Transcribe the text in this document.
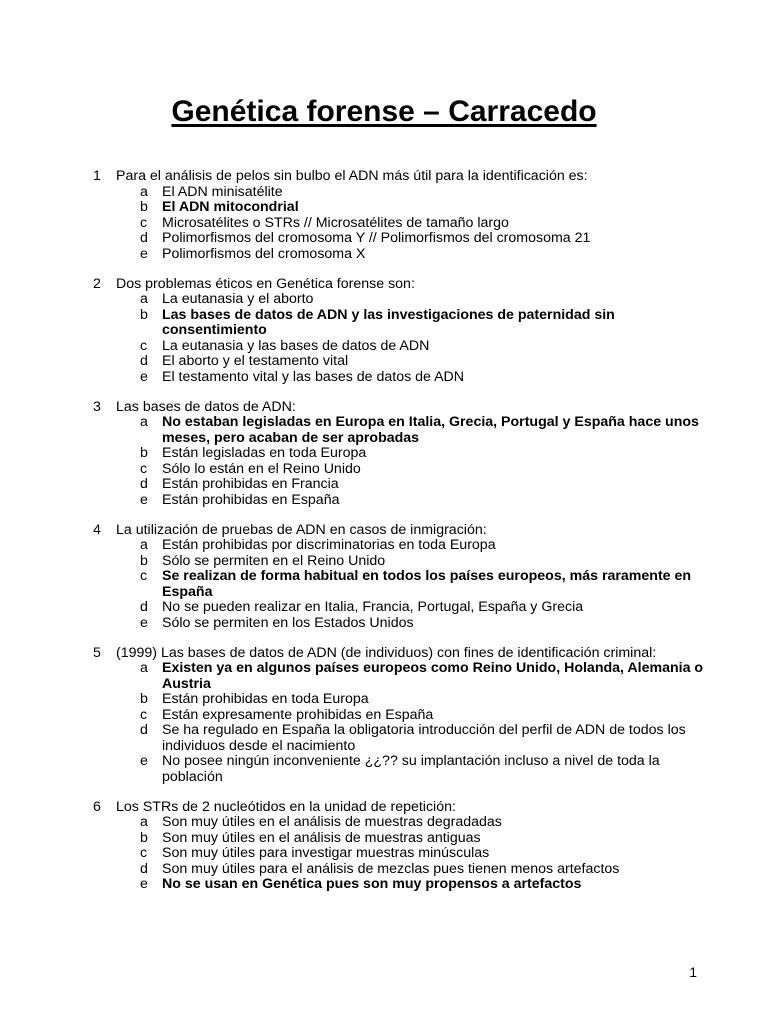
Genética forense – Carracedo
1 Para el análisis de pelos sin bulbo el ADN más útil para la identificación es:
a El ADN minisatélite
b El ADN mitocondrial
c Microsatélites o STRs // Microsatélites de tamaño largo
d Polimorfismos del cromosoma Y // Polimorfismos del cromosoma 21
e Polimorfismos del cromosoma X
2 Dos problemas éticos en Genética forense son:
a La eutanasia y el aborto
b Las bases de datos de ADN y las investigaciones de paternidad sin consentimiento
c La eutanasia y las bases de datos de ADN
d El aborto y el testamento vital
e El testamento vital y las bases de datos de ADN
3 Las bases de datos de ADN:
a No estaban legisladas en Europa en Italia, Grecia, Portugal y España hace unos meses, pero acaban de ser aprobadas
b Están legisladas en toda Europa
c Sólo lo están en el Reino Unido
d Están prohibidas en Francia
e Están prohibidas en España
4 La utilización de pruebas de ADN en casos de inmigración:
a Están prohibidas por discriminatorias en toda Europa
b Sólo se permiten en el Reino Unido
c Se realizan de forma habitual en todos los países europeos, más raramente en España
d No se pueden realizar en Italia, Francia, Portugal, España y Grecia
e Sólo se permiten en los Estados Unidos
5 (1999) Las bases de datos de ADN (de individuos) con fines de identificación criminal:
a Existen ya en algunos países europeos como Reino Unido, Holanda, Alemania o Austria
b Están prohibidas en toda Europa
c Están expresamente prohibidas en España
d Se ha regulado en España la obligatoria introducción del perfil de ADN de todos los individuos desde el nacimiento
e No posee ningún inconveniente ¿¿?? su implantación incluso a nivel de toda la población
6 Los STRs de 2 nucleótidos en la unidad de repetición:
a Son muy útiles en el análisis de muestras degradadas
b Son muy útiles en el análisis de muestras antiguas
c Son muy útiles para investigar muestras minúsculas
d Son muy útiles para el análisis de mezclas pues tienen menos artefactos
e No se usan en Genética pues son muy propensos a artefactos
1
